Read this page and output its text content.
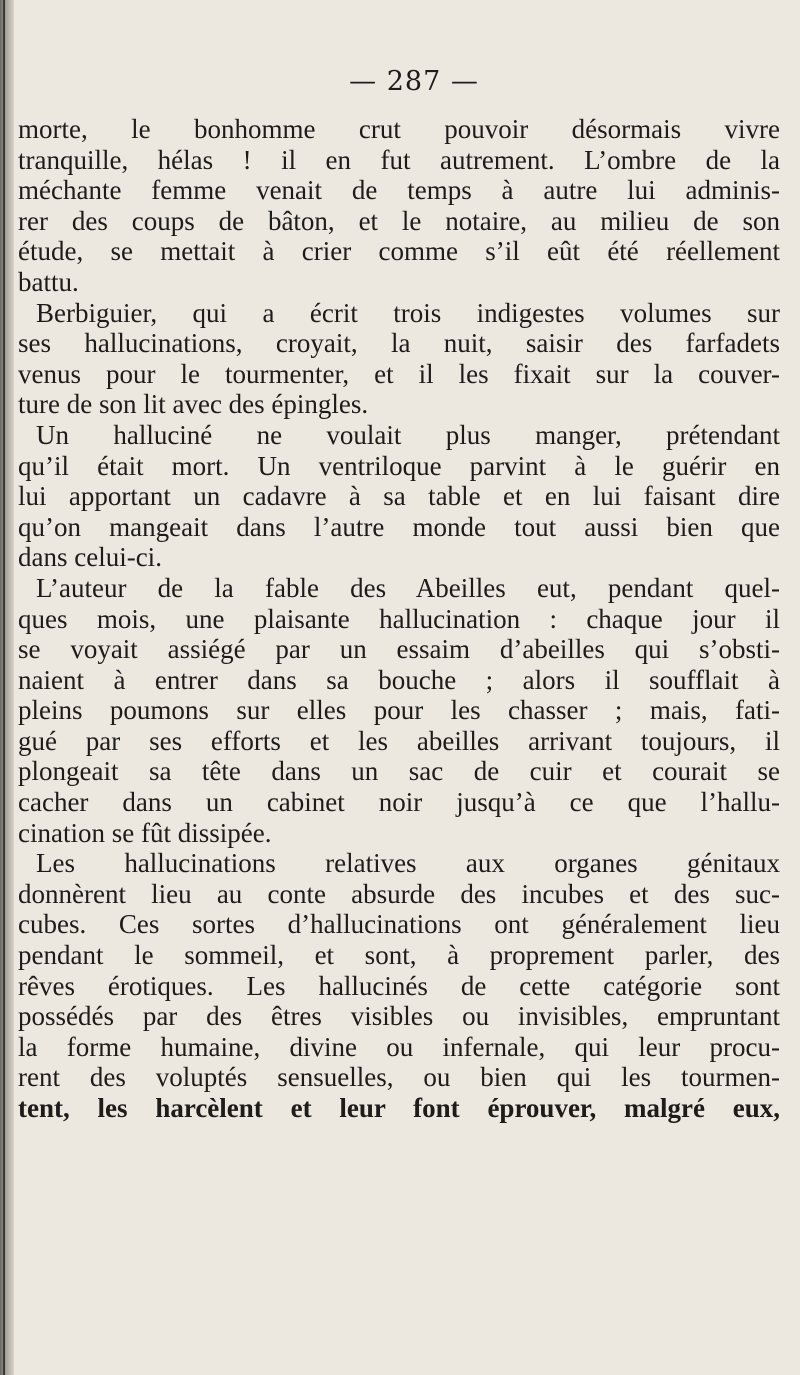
— 287 —
morte, le bonhomme crut pouvoir désormais vivre
tranquille, hélas ! il en fut autrement. L’ombre de la
méchante femme venait de temps à autre lui adminis-
rer des coups de bâton, et le notaire, au milieu de son
étude, se mettait à crier comme s’il eût été réellement
battu.
Berbiguier, qui a écrit trois indigestes volumes sur
ses hallucinations, croyait, la nuit, saisir des farfadets
venus pour le tourmenter, et il les fixait sur la couver-
ture de son lit avec des épingles.
Un halluciné ne voulait plus manger, prétendant
qu’il était mort. Un ventriloque parvint à le guérir en
lui apportant un cadavre à sa table et en lui faisant dire
qu’on mangeait dans l’autre monde tout aussi bien que
dans celui-ci.
L’auteur de la fable des Abeilles eut, pendant quel-
ques mois, une plaisante hallucination : chaque jour il
se voyait assiégé par un essaim d’abeilles qui s’obsti-
naient à entrer dans sa bouche ; alors il soufflait à
pleins poumons sur elles pour les chasser ; mais, fati-
gué par ses efforts et les abeilles arrivant toujours, il
plongeait sa tête dans un sac de cuir et courait se
cacher dans un cabinet noir jusqu’à ce que l’hallu-
cination se fût dissipée.
Les hallucinations relatives aux organes génitaux
donnèrent lieu au conte absurde des incubes et des suc-
cubes. Ces sortes d’hallucinations ont généralement lieu
pendant le sommeil, et sont, à proprement parler, des
rêves érotiques. Les hallucinés de cette catégorie sont
possédés par des êtres visibles ou invisibles, empruntant
la forme humaine, divine ou infernale, qui leur procu-
rent des voluptés sensuelles, ou bien qui les tourmen-
tent, les harcèlent et leur font éprouver, malgré eux,
